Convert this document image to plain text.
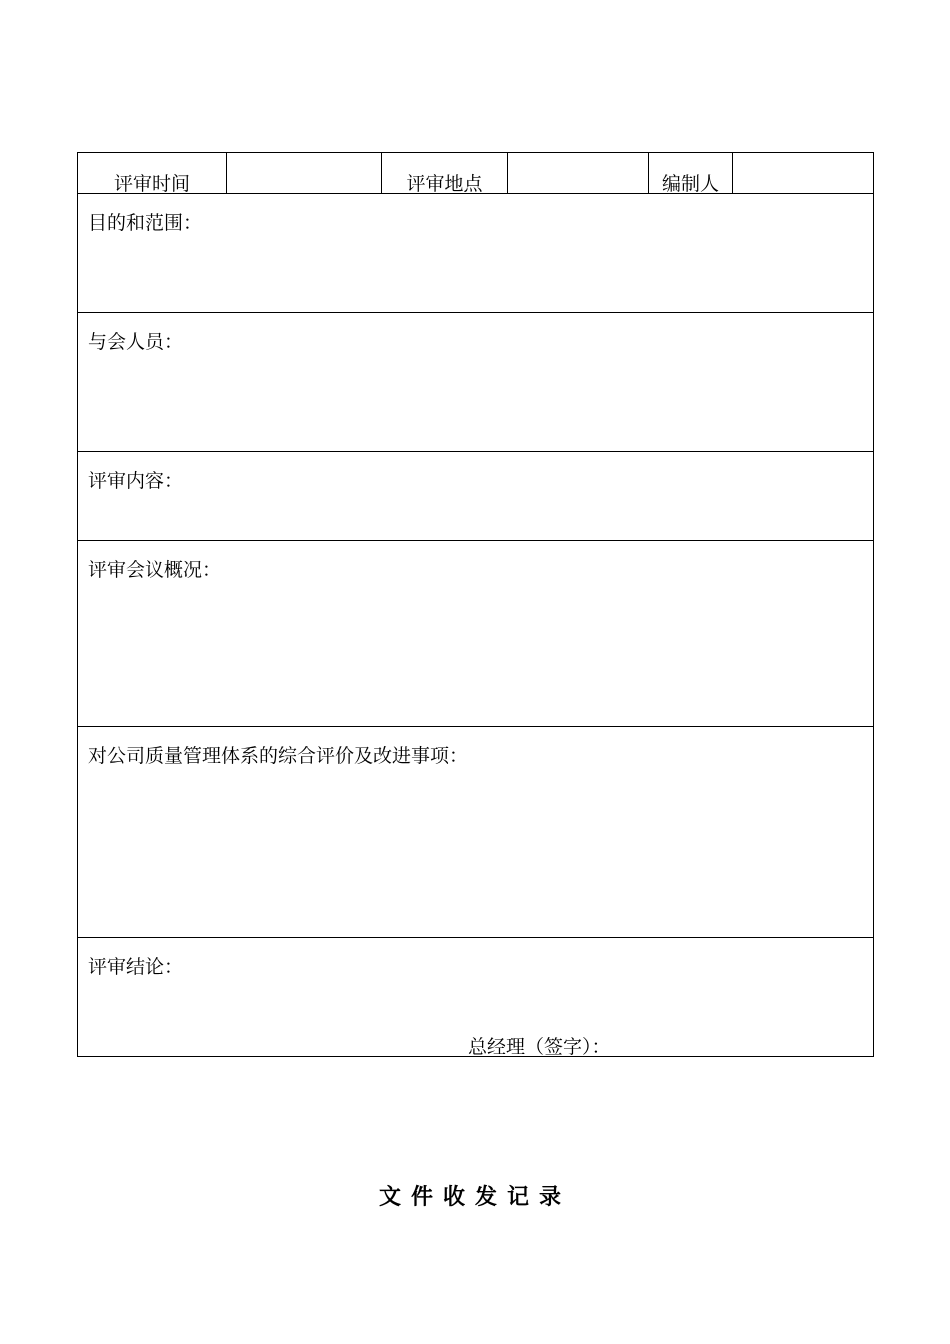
评审时间		评审地点		编制人

目的和范围：

与会人员：

评审内容：

评审会议概况：

对公司质量管理体系的综合评价及改进事项：

评审结论：
总经理（签字）：
文件收发记录
